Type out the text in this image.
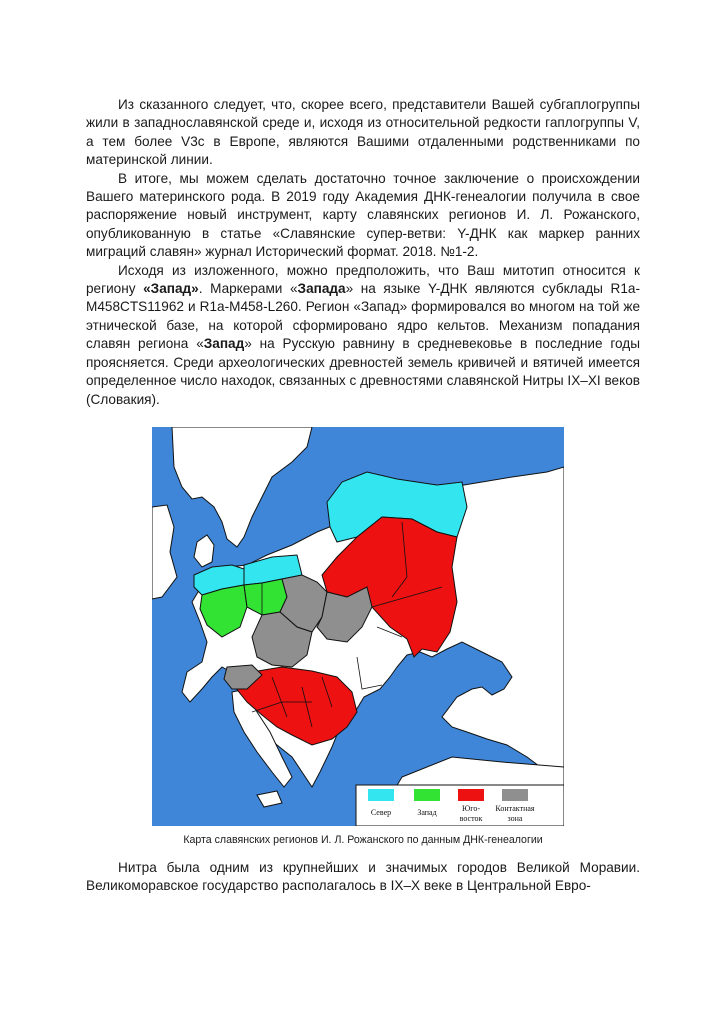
Из сказанного следует, что, скорее всего, представители Вашей субгаплогруппы жили в западнославянской среде и, исходя из относительной редкости гаплогруппы V, а тем более V3c в Европе, являются Вашими отдаленными родственниками по материнской линии.

В итоге, мы можем сделать достаточно точное заключение о происхождении Вашего материнского рода. В 2019 году Академия ДНК-генеалогии получила в свое распоряжение новый инструмент, карту славянских регионов И. Л. Рожанского, опубликованную в статье «Славянские супер-ветви: Y-ДНК как маркер ранних миграций славян» журнал Исторический формат. 2018. №1-2.

Исходя из изложенного, можно предположить, что Ваш митотип относится к региону «Запад». Маркерами «Запада» на языке Y-ДНК являются субклады R1a-M458CTS11962 и R1a-M458-L260. Регион «Запад» формировался во многом на той же этнической базе, на которой сформировано ядро кельтов. Механизм попадания славян региона «Запад» на Русскую равнину в средневековье в последние годы проясняется. Среди археологических древностей земель кривичей и вятичей имеется определенное число находок, связанных с древностями славянской Нитры IX–XI веков (Словакия).

Север	Запад	Юго-восток
Контактная зона
Карта славянских регионов И. Л. Рожанского по данным ДНК-генеалогии

Нитра была одним из крупнейших и значимых городов Великой Моравии. Великоморавское государство располагалось в IX–X веке в Центральной Евро-
